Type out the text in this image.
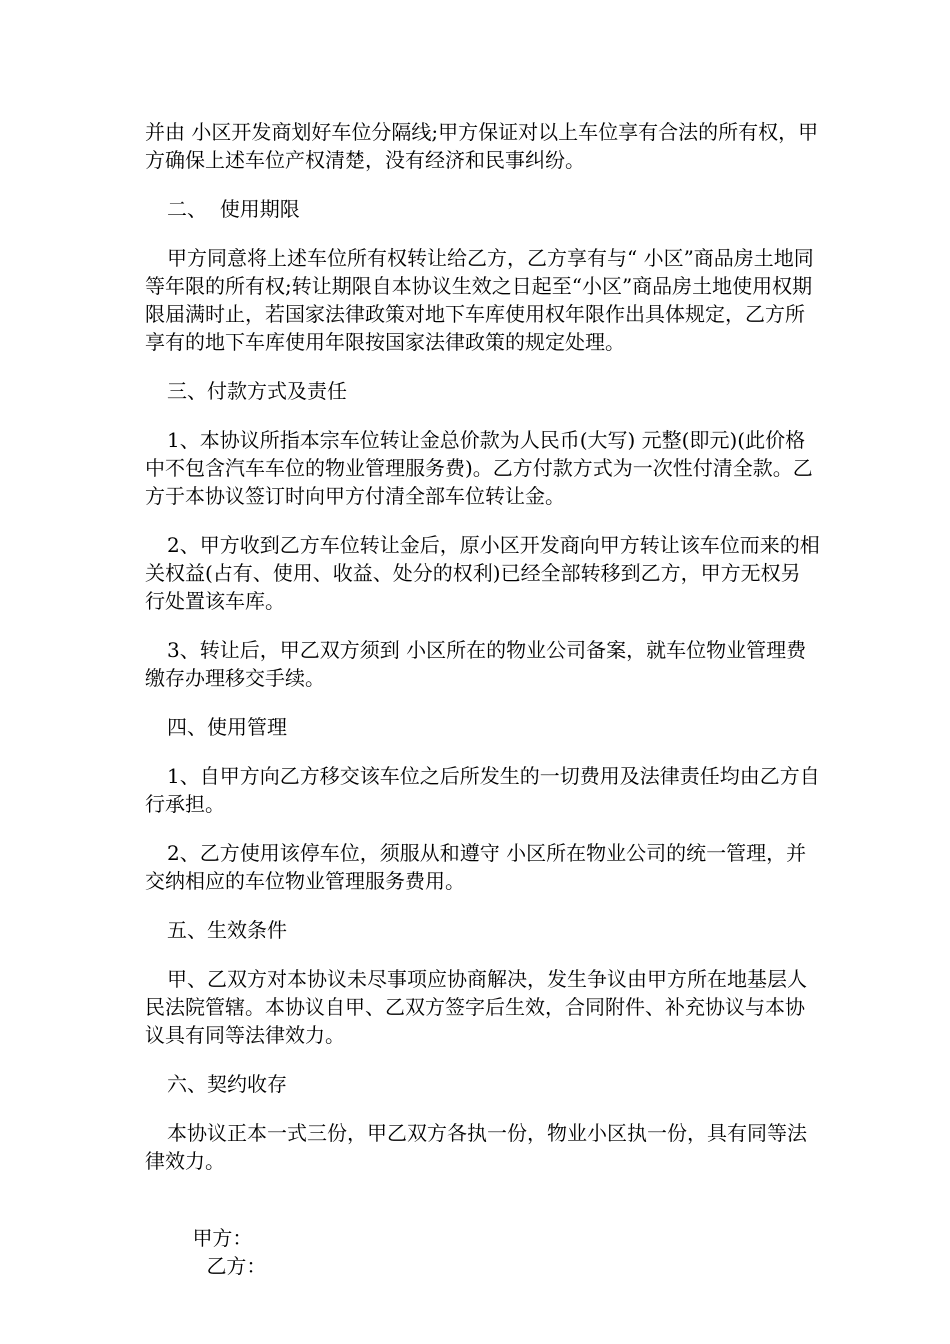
并由 小区开发商划好车位分隔线;甲方保证对以上车位享有合法的所有权，甲方确保上述车位产权清楚，没有经济和民事纠纷。

二、  使用期限

甲方同意将上述车位所有权转让给乙方，乙方享有与“ 小区”商品房土地同等年限的所有权;转让期限自本协议生效之日起至“小区”商品房土地使用权期限届满时止，若国家法律政策对地下车库使用权年限作出具体规定，乙方所享有的地下车库使用年限按国家法律政策的规定处理。

三、付款方式及责任

1、本协议所指本宗车位转让金总价款为人民币(大写) 元整(即元)(此价格中不包含汽车车位的物业管理服务费)。乙方付款方式为一次性付清全款。乙方于本协议签订时向甲方付清全部车位转让金。

2、甲方收到乙方车位转让金后，原小区开发商向甲方转让该车位而来的相关权益(占有、使用、收益、处分的权利)已经全部转移到乙方，甲方无权另行处置该车库。

3、转让后，甲乙双方须到 小区所在的物业公司备案，就车位物业管理费缴存办理移交手续。

四、使用管理

1、自甲方向乙方移交该车位之后所发生的一切费用及法律责任均由乙方自行承担。

2、乙方使用该停车位，须服从和遵守 小区所在物业公司的统一管理，并交纳相应的车位物业管理服务费用。

五、生效条件

甲、乙双方对本协议未尽事项应协商解决，发生争议由甲方所在地基层人民法院管辖。本协议自甲、乙双方签字后生效，合同附件、补充协议与本协议具有同等法律效力。

六、契约收存

本协议正本一式三份，甲乙双方各执一份，物业小区执一份，具有同等法律效力。

甲方：
乙方：
